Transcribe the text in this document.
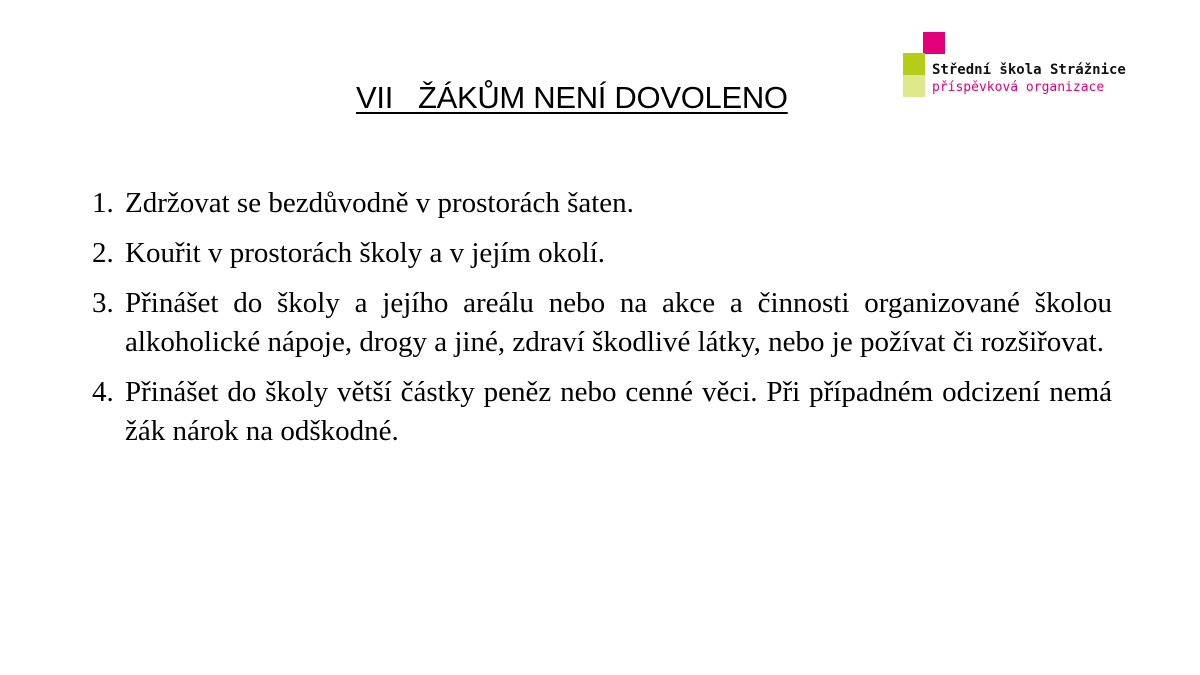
Střední škola Strážnice
příspěvková organizace
VII   ŽÁKŮM NENÍ DOVOLENO
1. Zdržovat se bezdůvodně v prostorách šaten.
2. Kouřit v prostorách školy a v jejím okolí.
3. Přinášet do školy a jejího areálu nebo na akce a činnosti organizované školou alkoholické nápoje, drogy a jiné, zdraví škodlivé látky, nebo je požívat či rozšiřovat.
4. Přinášet do školy větší částky peněz nebo cenné věci. Při případném odcizení nemá žák nárok na odškodné.
